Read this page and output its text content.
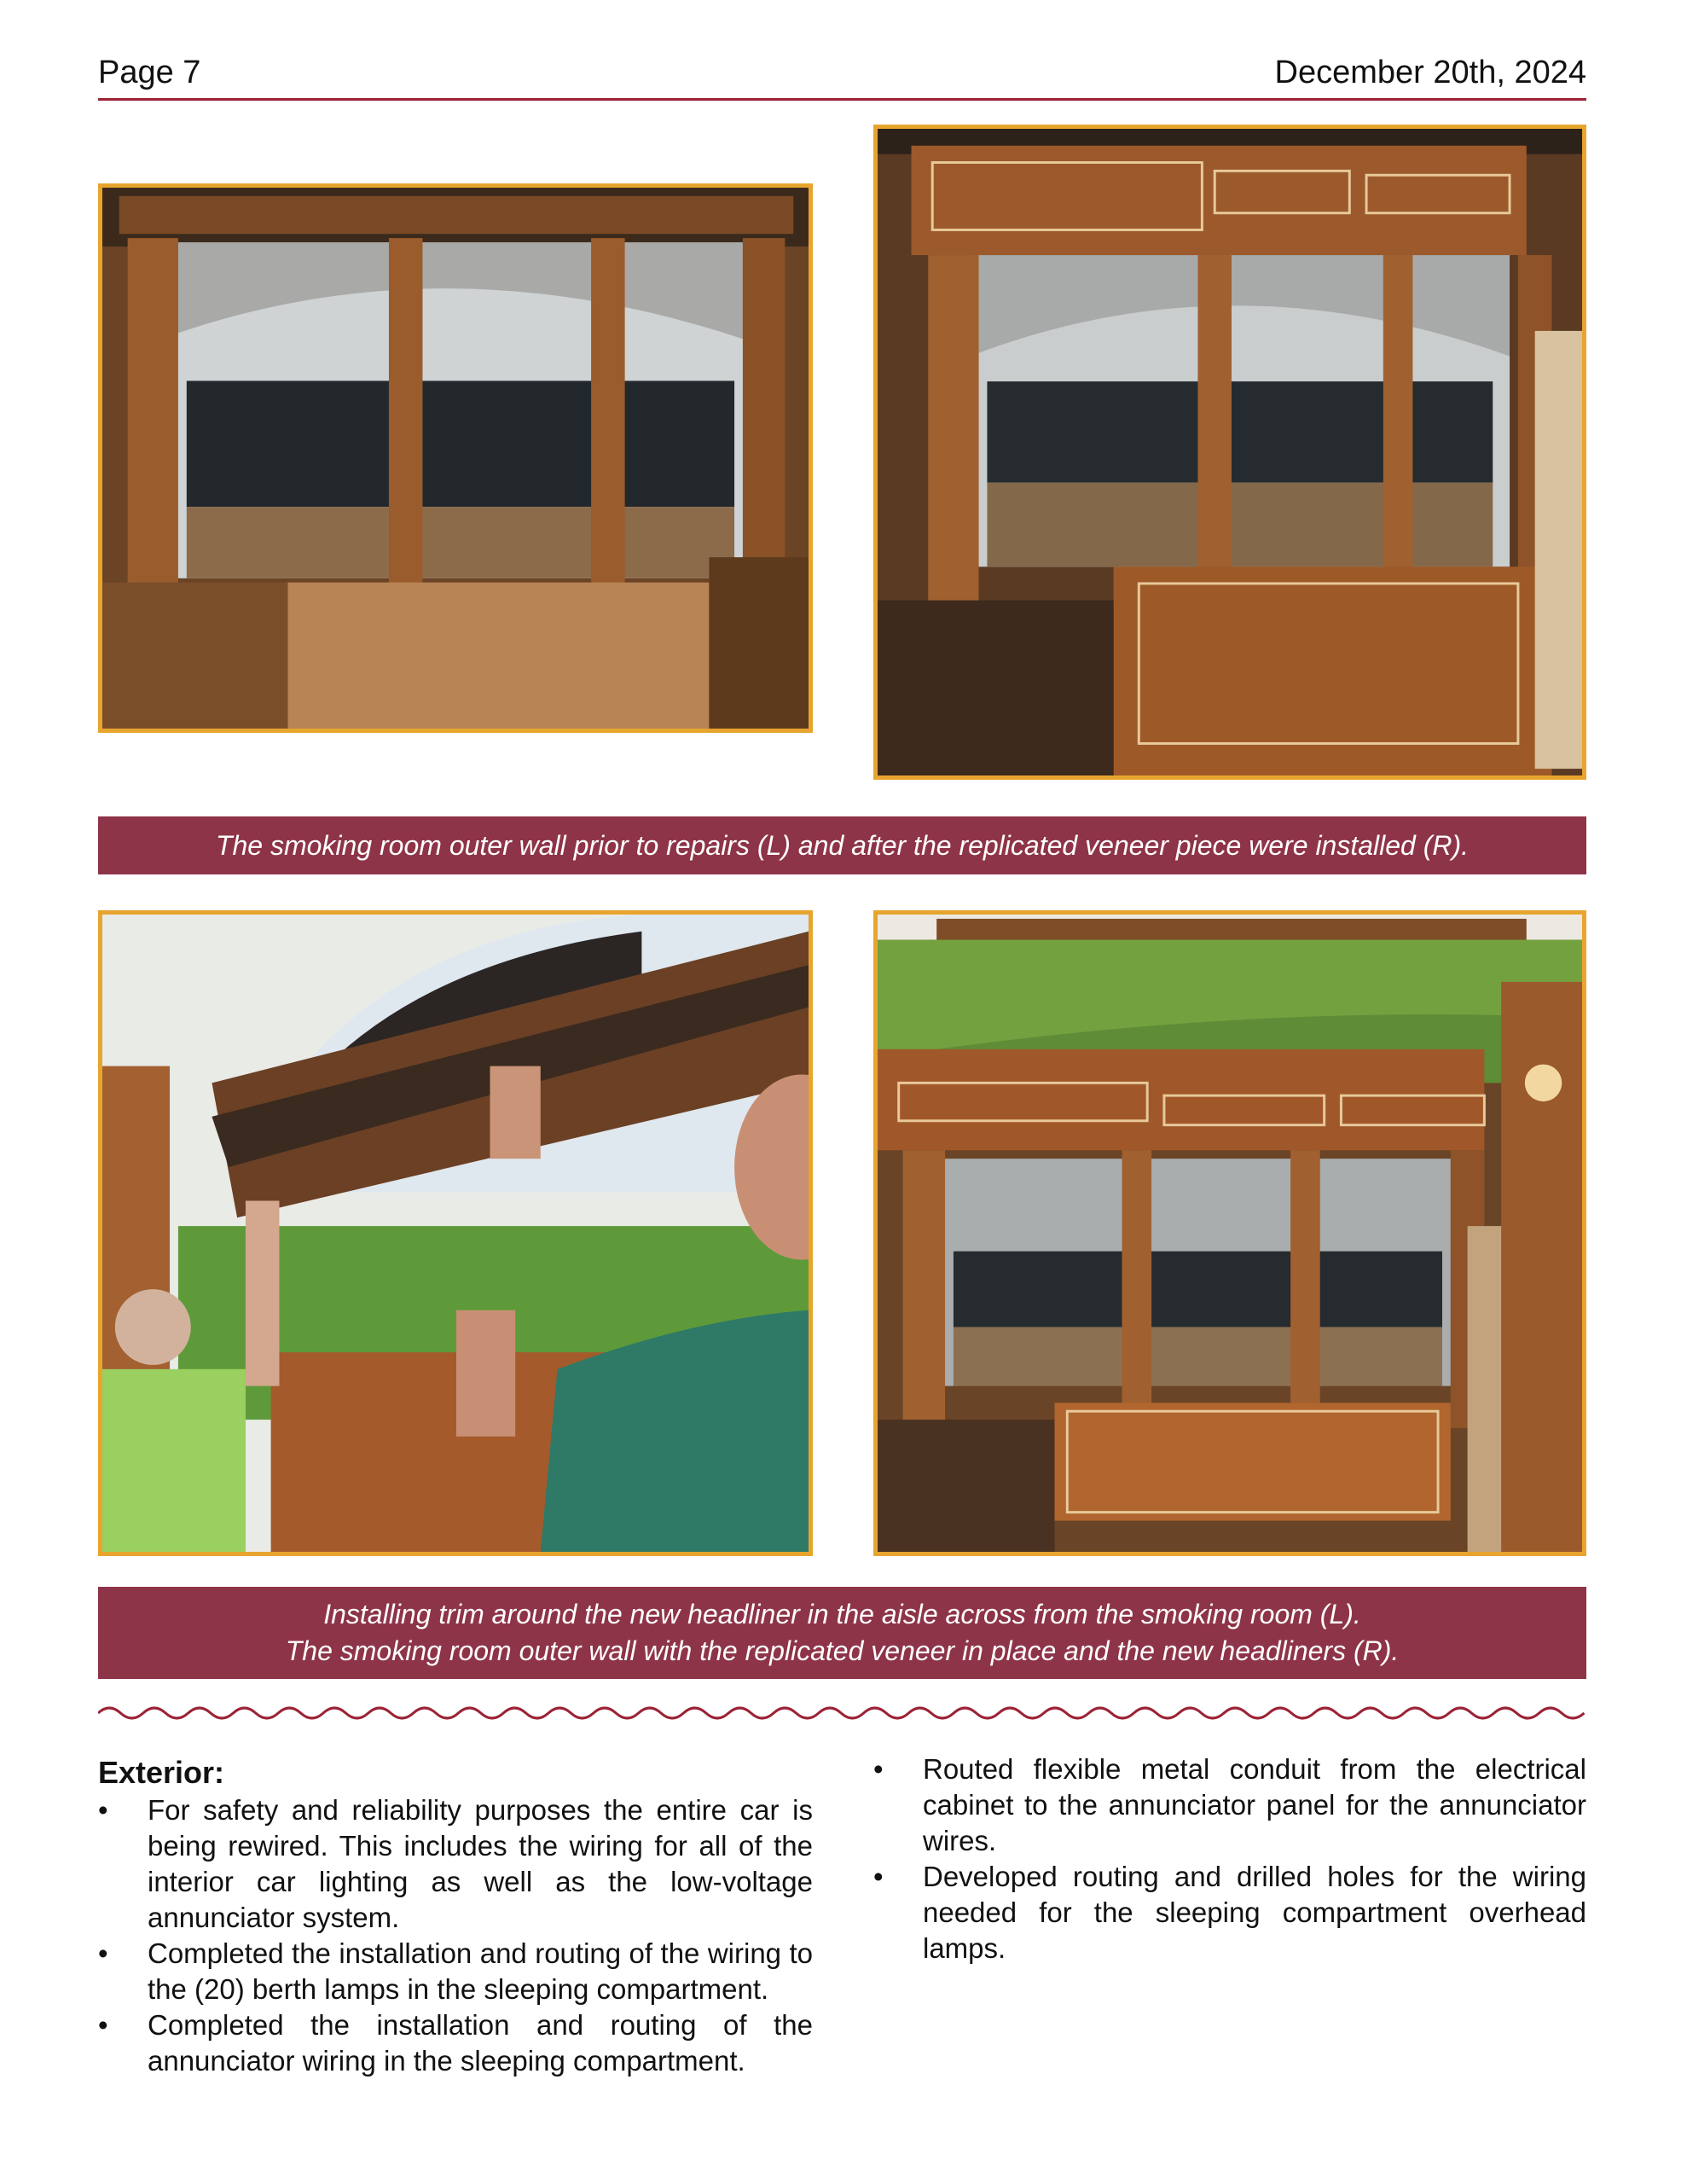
Page 7	December 20th, 2024
The smoking room outer wall prior to repairs (L) and after the replicated veneer piece were installed (R).
Installing trim around the new headliner in the aisle across from the smoking room (L).
The smoking room outer wall with the replicated veneer in place and the new headliners (R).
Exterior:
• For safety and reliability purposes the entire car is being rewired. This includes the wiring for all of the interior car lighting as well as the low-voltage annunciator system.
• Completed the installation and routing of the wiring to the (20) berth lamps in the sleeping compartment.
• Completed the installation and routing of the annunciator wiring in the sleeping compartment.
• Routed flexible metal conduit from the electrical cabinet to the annunciator panel for the annunciator wires.
• Developed routing and drilled holes for the wiring needed for the sleeping compartment overhead lamps.
